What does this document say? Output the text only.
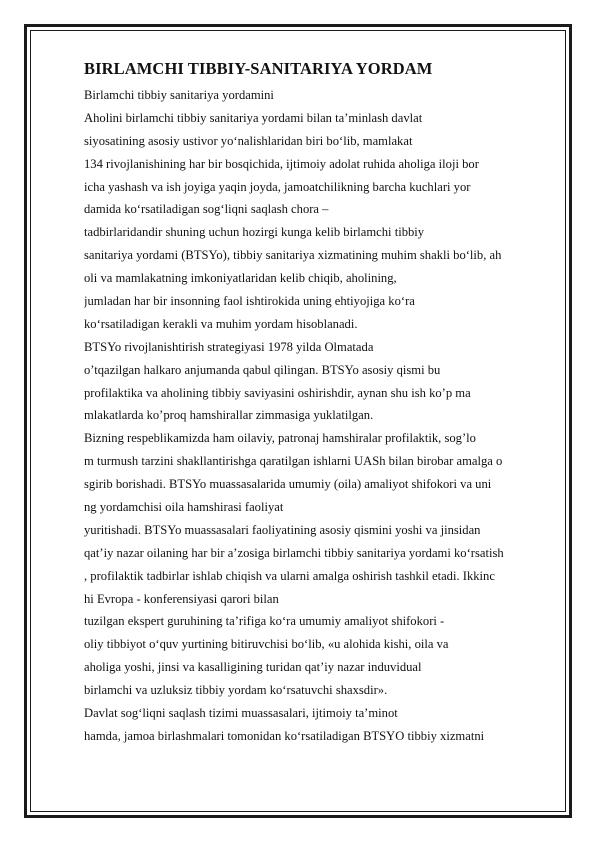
BIRLAMCHI TIBBIY-SANITARIYA YORDAM
Birlamchi tibbiy sanitariya yordamini
Aholini birlamchi tibbiy sanitariya yordami bilan ta’minlash davlat
siyosatining asosiy ustivor yo‘nalishlaridan biri bo‘lib, mamlakat
134 rivojlanishining har bir bosqichida, ijtimoiy adolat ruhida aholiga iloji bor
icha yashash va ish joyiga yaqin joyda, jamoatchilikning barcha kuchlari yor
damida ko‘rsatiladigan sog‘liqni saqlash chora –
tadbirlaridandir shuning uchun hozirgi kunga kelib birlamchi tibbiy
sanitariya yordami (BTSYo), tibbiy sanitariya xizmatining muhim shakli bo‘lib, ah
oli va mamlakatning imkoniyatlaridan kelib chiqib, aholining,
jumladan har bir insonning faol ishtirokida uning ehtiyojiga ko‘ra
ko‘rsatiladigan kerakli va muhim yordam hisoblanadi.
BTSYo rivojlanishtirish strategiyasi 1978 yilda Olmatada
o’tqazilgan halkaro anjumanda qabul qilingan. BTSYo asosiy qismi bu
profilaktika va aholining tibbiy saviyasini oshirishdir, aynan shu ish ko’p ma
mlakatlarda ko’proq hamshirallar zimmasiga yuklatilgan.
Bizning respeblikamizda ham oilaviy, patronaj hamshiralar profilaktik, sog’lo
m turmush tarzini shakllantirishga qaratilgan ishlarni UASh bilan birobar amalga o
sgirib borishadi. BTSYo muassasalarida umumiy (oila) amaliyot shifokori va uni
ng yordamchisi oila hamshirasi faoliyat
yuritishadi. BTSYo muassasalari faoliyatining asosiy qismini yoshi va jinsidan
qat’iy nazar oilaning har bir a’zosiga birlamchi tibbiy sanitariya yordami ko‘rsatish
, profilaktik tadbirlar ishlab chiqish va ularni amalga oshirish tashkil etadi. Ikkinc
hi Evropa - konferensiyasi qarori bilan
tuzilgan ekspert guruhining ta’rifiga ko‘ra umumiy amaliyot shifokori -
oliy tibbiyot o‘quv yurtining bitiruvchisi bo‘lib, «u alohida kishi, oila va
aholiga yoshi, jinsi va kasalligining turidan qat’iy nazar induvidual
birlamchi va uzluksiz tibbiy yordam ko‘rsatuvchi shaxsdir».
Davlat sog‘liqni saqlash tizimi muassasalari, ijtimoiy ta’minot
hamda, jamoa birlashmalari tomonidan ko‘rsatiladigan BTSYO tibbiy xizmatni
